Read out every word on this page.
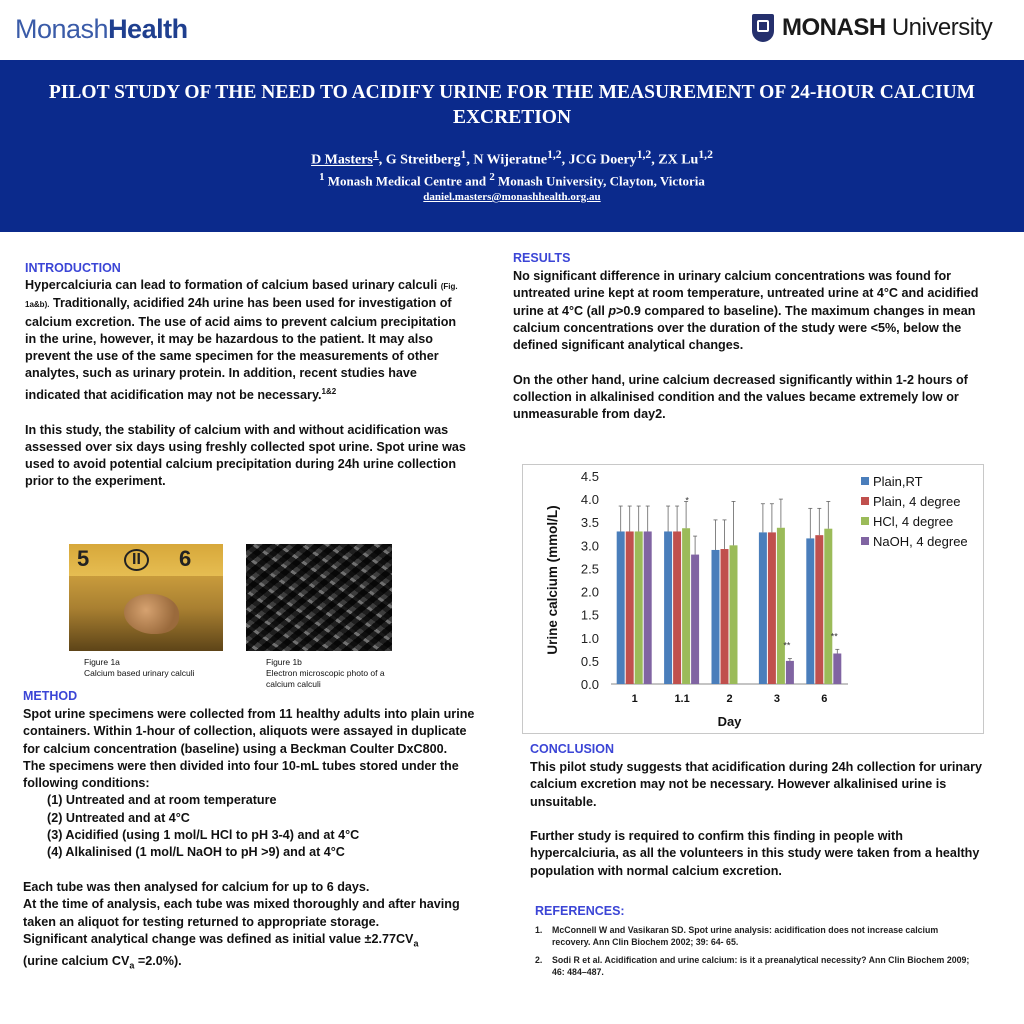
MonashHealth	MONASH University
PILOT STUDY OF THE NEED TO ACIDIFY URINE FOR THE MEASUREMENT OF 24-HOUR CALCIUM EXCRETION
D Masters$^1$, G Streitberg$^1$, N Wijeratne$^{1,2}$, JCG Doery$^{1,2}$, ZX Lu$^{1,2}$
$^1$ Monash Medical Centre and $^2$ Monash University, Clayton, Victoria
daniel.masters@monashhealth.org.au
INTRODUCTION

Hypercalciuria can lead to formation of calcium based urinary calculi (Fig. 1a&b). Traditionally, acidified 24h urine has been used for investigation of calcium excretion. The use of acid aims to prevent calcium precipitation in the urine, however, it may be hazardous to the patient. It may also prevent the use of the same specimen for the measurements of other analytes, such as urinary protein. In addition, recent studies have indicated that acidification may not be necessary.$^{1\&2}$

In this study, the stability of calcium with and without acidification was assessed over six days using freshly collected spot urine. Spot urine was used to avoid potential calcium precipitation during 24h urine collection prior to the experiment.

5	II	6
Figure 1a
Calcium based urinary calculi
Figure 1b
Electron microscopic photo of a calcium calculi
METHOD

Spot urine specimens were collected from 11 healthy adults into plain urine containers. Within 1-hour of collection, aliquots were assayed in duplicate for calcium concentration (baseline) using a Beckman Coulter DxC800.

The specimens were then divided into four 10-mL tubes stored under the following conditions:

(1) Untreated and at room temperature
(2) Untreated and at 4°C
(3) Acidified (using 1 mol/L HCl to pH 3-4) and at 4°C
(4) Alkalinised (1 mol/L NaOH to pH >9) and at 4°C

Each tube was then analysed for calcium for up to 6 days.

At the time of analysis, each tube was mixed thoroughly and after having taken an aliquot for testing returned to appropriate storage.

Significant analytical change was defined as initial value $\pm 2.77CV_a$
(urine calcium $CV_a =2.0\%$).

RESULTS

No significant difference in urinary calcium concentrations was found for untreated urine kept at room temperature, untreated urine at 4°C and acidified urine at 4°C (all p>0.9 compared to baseline). The maximum changes in mean calcium concentrations over the duration of the study were <5%, below the defined significant analytical changes.

On the other hand, urine calcium decreased significantly within 1-2 hours of collection in alkalinised condition and the values became extremely low or unmeasurable from day2.

0.0
0.5
1.0
1.5
2.0
2.5
3.0
3.5
4.0
4.5
Urine calcium (mmol/L)
1	1.1	2	3	6
*
**
**
Day
Plain,RT
Plain, 4 degree
HCl, 4 degree
NaOH, 4 degree
CONCLUSION

This pilot study suggests that acidification during 24h collection for urinary calcium excretion may not be necessary. However alkalinised urine is unsuitable.

Further study is required to confirm this finding in people with hypercalciuria, as all the volunteers in this study were taken from a healthy population with normal calcium excretion.

REFERENCES:
1.	McConnell W and Vasikaran SD. Spot urine analysis: acidification does not increase calcium recovery. Ann Clin Biochem 2002; 39: 64- 65.
2.	Sodi R et al. Acidification and urine calcium: is it a preanalytical necessity? Ann Clin Biochem 2009; 46: 484–487.
